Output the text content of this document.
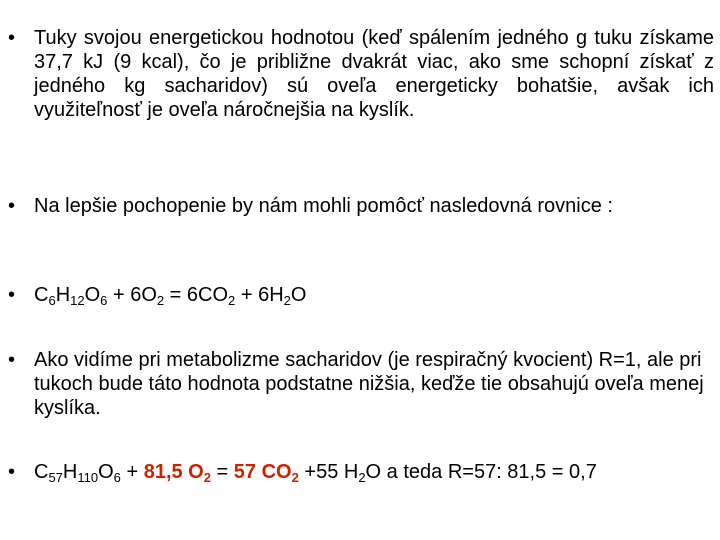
• Tuky svojou energetickou hodnotou (keď spálením jedného g tuku získame 37,7 kJ (9 kcal), čo je približne dvakrát viac, ako sme schopní získať z jedného kg sacharidov) sú oveľa energeticky bohatšie, avšak ich využiteľnosť je oveľa náročnejšia na kyslík.
• Na lepšie pochopenie by nám mohli pomôcť nasledovná rovnice :
• $C_6H_{12}O_6 + 6O_2 = 6CO_2 + 6H_2O$
• Ako vidíme pri metabolizme sacharidov (je respiračný kvocient) R=1, ale pri tukoch bude táto hodnota podstatne nižšia, keďže tie obsahujú oveľa menej kyslíka.
• $C_{57}H_{110}O_6 + 81,5$ $O_2 = 57$ $CO_2 +55$ $H_2O$ a teda R=57: 81,5 = 0,7
